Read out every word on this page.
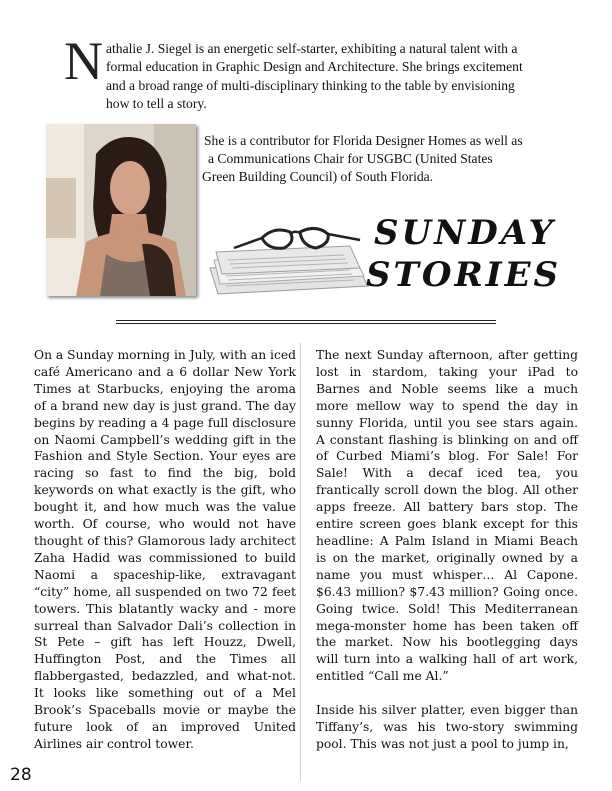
N athalie J. Siegel is an energetic self-starter, exhibiting a natural talent with a
formal education in Graphic Design and Architecture. She brings excitement
and a broad range of multi-disciplinary thinking to the table by envisioning
how to tell a story.
She is a contributor for Florida Designer Homes as well as
a Communications Chair for USGBC (United States
Green Building Council) of South Florida.
SUNDAY
STORIES

On a Sunday morning in July, with an iced café Americano and a 6 dollar New York Times at Starbucks, enjoying the aroma of a brand new day is just grand. The day begins by reading a 4 page full disclosure on Naomi Campbell’s wedding gift in the Fashion and Style Section. Your eyes are racing so fast to find the big, bold keywords on what exactly is the gift, who bought it, and how much was the value worth. Of course, who would not have thought of this? Glamorous lady architect Zaha Hadid was commissioned to build Naomi a spaceship-like, extravagant “city” home, all suspended on two 72 feet towers. This blatantly wacky and - more surreal than Salvador Dali’s collection in St Pete – gift has left Houzz, Dwell, Huffington Post, and the Times all flabbergasted, bedazzled, and what-not. It looks like something out of a Mel Brook’s Spaceballs movie or maybe the future look of an improved United Airlines air control tower.

The next Sunday afternoon, after getting lost in stardom, taking your iPad to Barnes and Noble seems like a much more mellow way to spend the day in sunny Florida, until you see stars again. A constant flashing is blinking on and off of Curbed Miami’s blog. For Sale! For Sale! With a decaf iced tea, you frantically scroll down the blog. All other apps freeze. All battery bars stop. The entire screen goes blank except for this headline: A Palm Island in Miami Beach is on the market, originally owned by a name you must whisper… Al Capone. $6.43 million? $7.43 million? Going once. Going twice. Sold! This Mediterranean mega-monster home has been taken off the market. Now his bootlegging days will turn into a walking hall of art work, entitled “Call me Al.”

Inside his silver platter, even bigger than Tiffany’s, was his two-story swimming pool. This was not just a pool to jump in,

28
